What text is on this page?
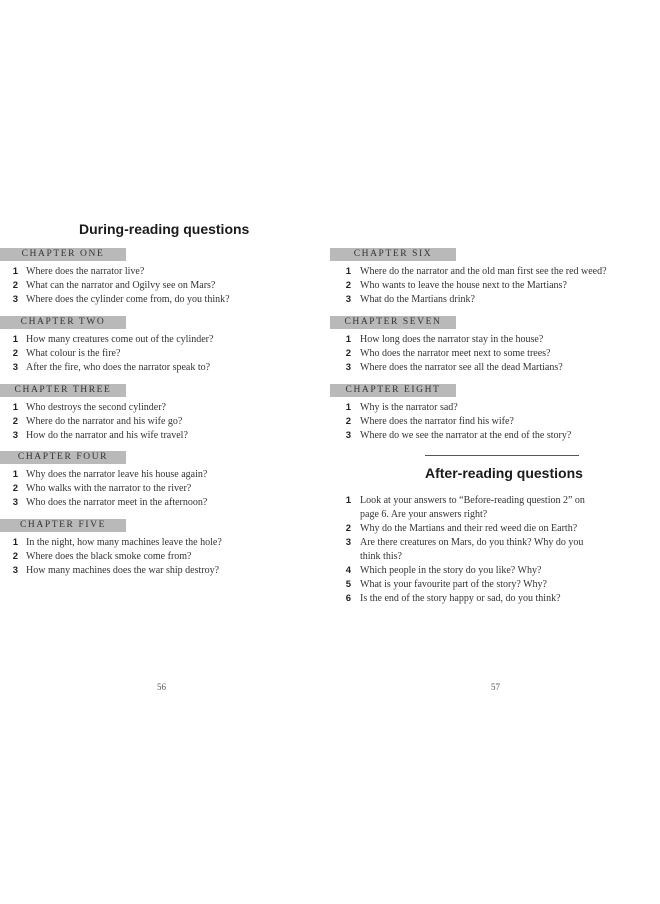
During-reading questions
CHAPTER ONE
1 Where does the narrator live?
2 What can the narrator and Ogilvy see on Mars?
3 Where does the cylinder come from, do you think?
CHAPTER TWO
1 How many creatures come out of the cylinder?
2 What colour is the fire?
3 After the fire, who does the narrator speak to?
CHAPTER THREE
1 Who destroys the second cylinder?
2 Where do the narrator and his wife go?
3 How do the narrator and his wife travel?
CHAPTER FOUR
1 Why does the narrator leave his house again?
2 Who walks with the narrator to the river?
3 Who does the narrator meet in the afternoon?
CHAPTER FIVE
1 In the night, how many machines leave the hole?
2 Where does the black smoke come from?
3 How many machines does the war ship destroy?
56
CHAPTER SIX
1 Where do the narrator and the old man first see the red weed?
2 Who wants to leave the house next to the Martians?
3 What do the Martians drink?
CHAPTER SEVEN
1 How long does the narrator stay in the house?
2 Who does the narrator meet next to some trees?
3 Where does the narrator see all the dead Martians?
CHAPTER EIGHT
1 Why is the narrator sad?
2 Where does the narrator find his wife?
3 Where do we see the narrator at the end of the story?
After-reading questions
1 Look at your answers to “Before-reading question 2” on page 6. Are your answers right?
2 Why do the Martians and their red weed die on Earth?
3 Are there creatures on Mars, do you think? Why do you think this?
4 Which people in the story do you like? Why?
5 What is your favourite part of the story? Why?
6 Is the end of the story happy or sad, do you think?
57
